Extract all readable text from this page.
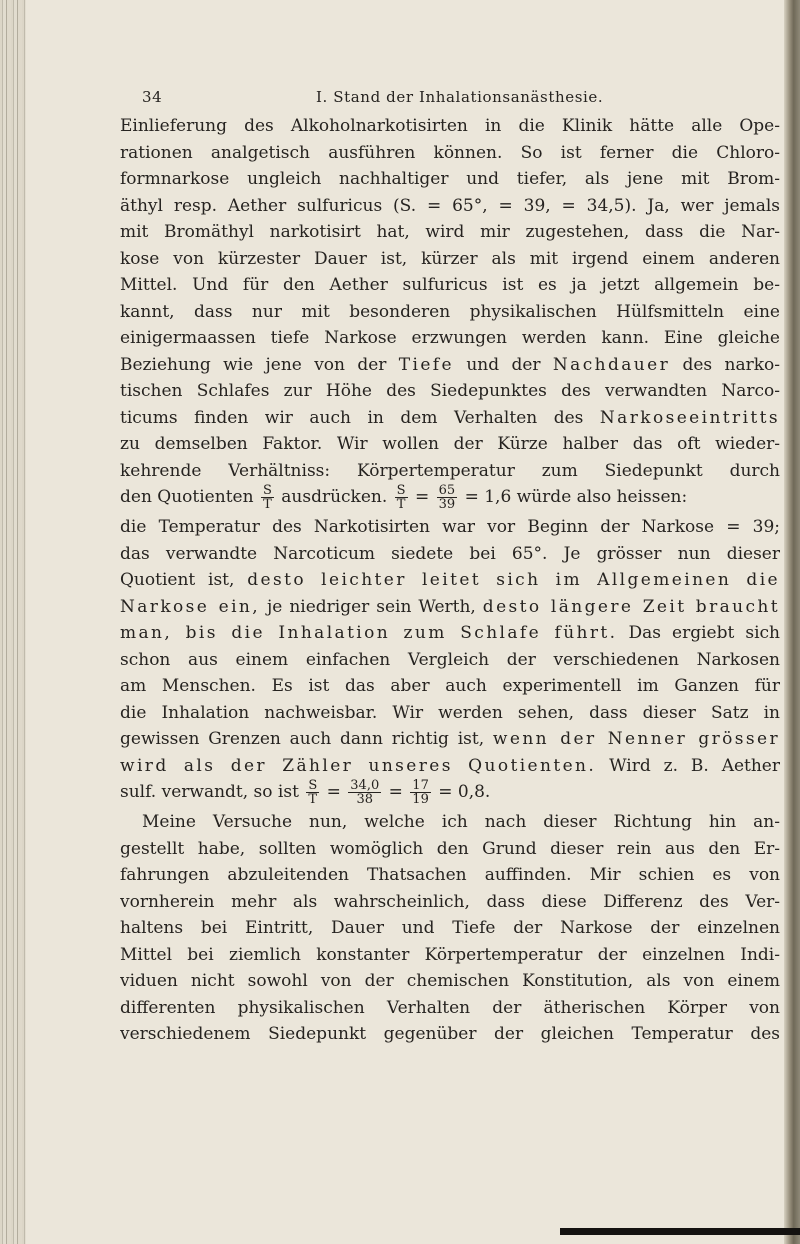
34	I. Stand der Inhalationsanästhesie.
Einlieferung des Alkoholnarkotisirten in die Klinik hätte alle Ope-
rationen analgetisch ausführen können. So ist ferner die Chloro-
formnarkose ungleich nachhaltiger und tiefer, als jene mit Brom-
äthyl resp. Aether sulfuricus (S. = 65°, = 39, = 34,5). Ja, wer jemals
mit Bromäthyl narkotisirt hat, wird mir zugestehen, dass die Nar-
kose von kürzester Dauer ist, kürzer als mit irgend einem anderen
Mittel. Und für den Aether sulfuricus ist es ja jetzt allgemein be-
kannt, dass nur mit besonderen physikalischen Hülfsmitteln eine
einigermaassen tiefe Narkose erzwungen werden kann. Eine gleiche
Beziehung wie jene von der Tiefe und der Nachdauer des narko-
tischen Schlafes zur Höhe des Siedepunktes des verwandten Narco-
ticums finden wir auch in dem Verhalten des Narkoseeintritts
zu demselben Faktor. Wir wollen der Kürze halber das oft wieder-
kehrende Verhältniss: Körpertemperatur zum Siedepunkt durch
den Quotienten $\frac{S}{T}$ ausdrücken. $\frac{S}{T} = \frac{65}{39} = 1,6$ würde also heissen:
die Temperatur des Narkotisirten war vor Beginn der Narkose = 39;
das verwandte Narcoticum siedete bei 65°. Je grösser nun dieser
Quotient ist, desto leichter leitet sich im Allgemeinen die
Narkose ein, je niedriger sein Werth, desto längere Zeit braucht
man, bis die Inhalation zum Schlafe führt. Das ergiebt sich
schon aus einem einfachen Vergleich der verschiedenen Narkosen
am Menschen. Es ist das aber auch experimentell im Ganzen für
die Inhalation nachweisbar. Wir werden sehen, dass dieser Satz in
gewissen Grenzen auch dann richtig ist, wenn der Nenner grösser
wird als der Zähler unseres Quotienten. Wird z. B. Aether
sulf. verwandt, so ist $\frac{S}{T} = \frac{34,0}{38} = \frac{17}{19} = 0,8$.
Meine Versuche nun, welche ich nach dieser Richtung hin an-
gestellt habe, sollten womöglich den Grund dieser rein aus den Er-
fahrungen abzuleitenden Thatsachen auffinden. Mir schien es von
vornherein mehr als wahrscheinlich, dass diese Differenz des Ver-
haltens bei Eintritt, Dauer und Tiefe der Narkose der einzelnen
Mittel bei ziemlich konstanter Körpertemperatur der einzelnen Indi-
viduen nicht sowohl von der chemischen Konstitution, als von einem
differenten physikalischen Verhalten der ätherischen Körper von
verschiedenem Siedepunkt gegenüber der gleichen Temperatur des
